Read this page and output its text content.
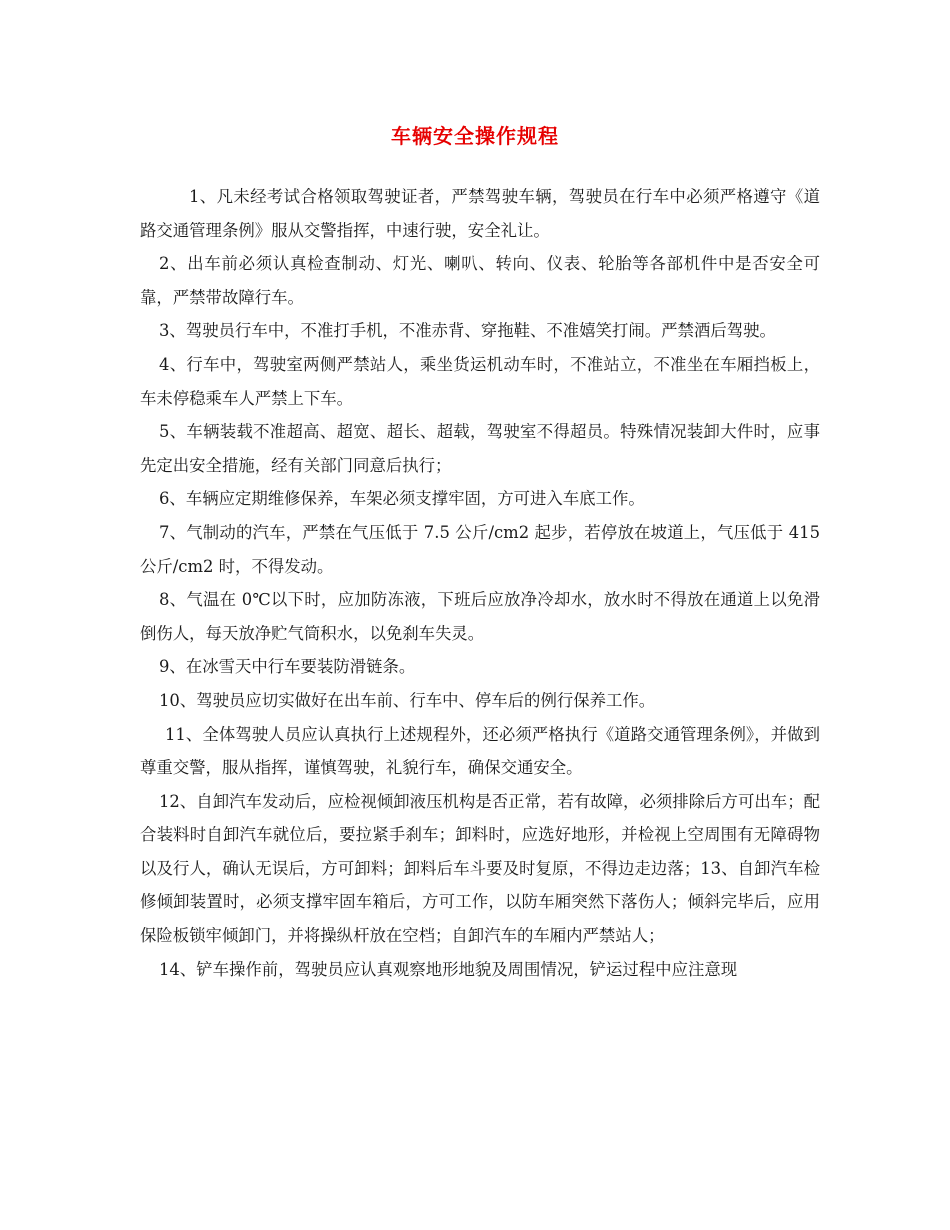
车辆安全操作规程

1、凡未经考试合格领取驾驶证者，严禁驾驶车辆，驾驶员在行车中必须严格遵守《道路交通管理条例》服从交警指挥，中速行驶，安全礼让。

2、出车前必须认真检查制动、灯光、喇叭、转向、仪表、轮胎等各部机件中是否安全可靠，严禁带故障行车。

3、驾驶员行车中，不准打手机，不准赤背、穿拖鞋、不准嬉笑打闹。严禁酒后驾驶。

4、行车中，驾驶室两侧严禁站人，乘坐货运机动车时，不准站立，不准坐在车厢挡板上，车未停稳乘车人严禁上下车。

5、车辆装载不准超高、超宽、超长、超载，驾驶室不得超员。特殊情况装卸大件时，应事先定出安全措施，经有关部门同意后执行；

6、车辆应定期维修保养，车架必须支撑牢固，方可进入车底工作。

7、气制动的汽车，严禁在气压低于 7.5 公斤/cm2 起步，若停放在坡道上，气压低于 415 公斤/cm2 时，不得发动。

8、气温在 0℃以下时，应加防冻液，下班后应放净冷却水，放水时不得放在通道上以免滑倒伤人，每天放净贮气筒积水，以免刹车失灵。

9、在冰雪天中行车要装防滑链条。

10、驾驶员应切实做好在出车前、行车中、停车后的例行保养工作。

11、全体驾驶人员应认真执行上述规程外，还必须严格执行《道路交通管理条例》，并做到尊重交警，服从指挥，谨慎驾驶，礼貌行车，确保交通安全。

12、自卸汽车发动后，应检视倾卸液压机构是否正常，若有故障，必须排除后方可出车；配合装料时自卸汽车就位后，要拉紧手刹车；卸料时，应选好地形，并检视上空周围有无障碍物以及行人，确认无误后，方可卸料；卸料后车斗要及时复原，不得边走边落；13、自卸汽车检修倾卸装置时，必须支撑牢固车箱后，方可工作，以防车厢突然下落伤人；倾斜完毕后，应用保险板锁牢倾卸门，并将操纵杆放在空档；自卸汽车的车厢内严禁站人；

14、铲车操作前，驾驶员应认真观察地形地貌及周围情况，铲运过程中应注意现
